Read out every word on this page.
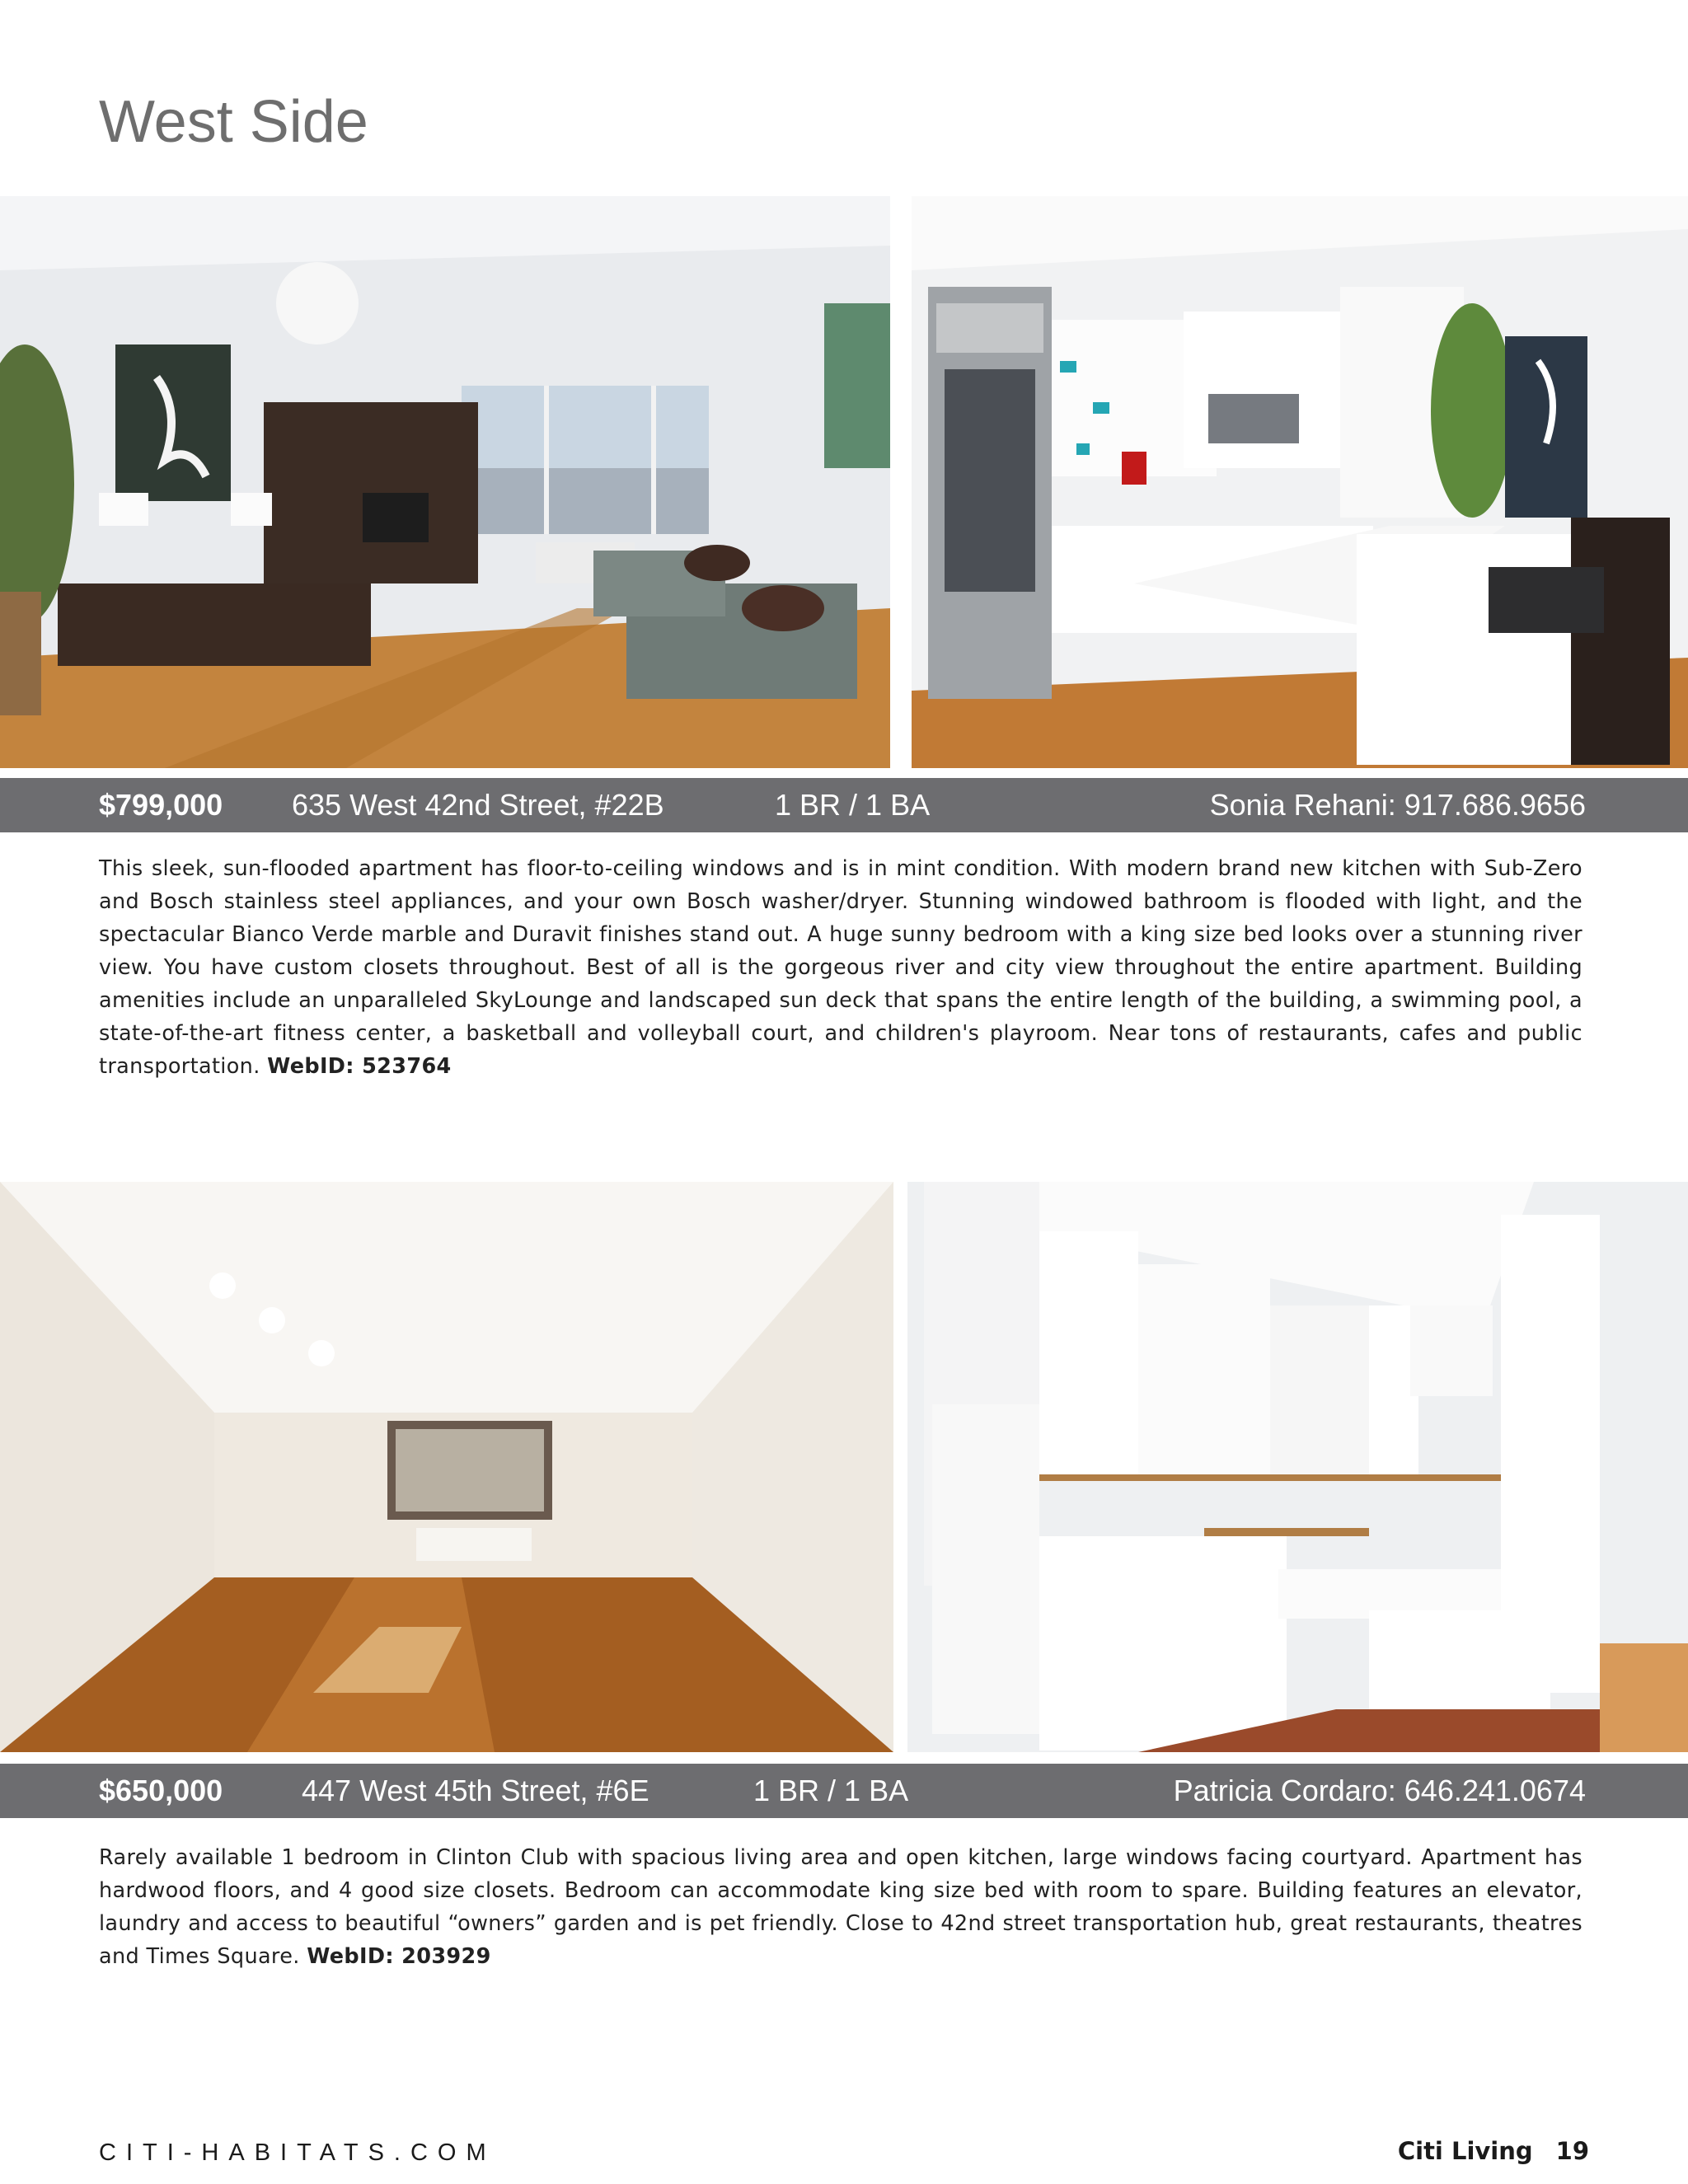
West Side
$799,000 635 West 42nd Street, #22B	1 BR / 1 BA	Sonia Rehani: 917.686.9656

This sleek, sun-flooded apartment has floor-to-ceiling windows and is in mint condition. With modern brand new kitchen with Sub-Zero and Bosch stainless steel appliances, and your own Bosch washer/dryer. Stunning windowed bathroom is flooded with light, and the spectacular Bianco Verde marble and Duravit finishes stand out. A huge sunny bedroom with a king size bed looks over a stunning river view. You have custom closets throughout. Best of all is the gorgeous river and city view throughout the entire apartment. Building amenities include an unparalleled SkyLounge and landscaped sun deck that spans the entire length of the building, a swimming pool, a state-of-the-art fitness center, a basketball and volleyball court, and children's playroom. Near tons of restaurants, cafes and public transportation. WebID: 523764

$650,000	447 West 45th Street, #6E	1 BR / 1 BA	Patricia Cordaro: 646.241.0674

Rarely available 1 bedroom in Clinton Club with spacious living area and open kitchen, large windows facing courtyard. Apartment has hardwood floors, and 4 good size closets. Bedroom can accommodate king size bed with room to spare. Building features an elevator, laundry and access to beautiful “owners” garden and is pet friendly. Close to 42nd street transportation hub, great restaurants, theatres and Times Square. WebID: 203929

CITI-HABITATS.COM	Citi Living 19
